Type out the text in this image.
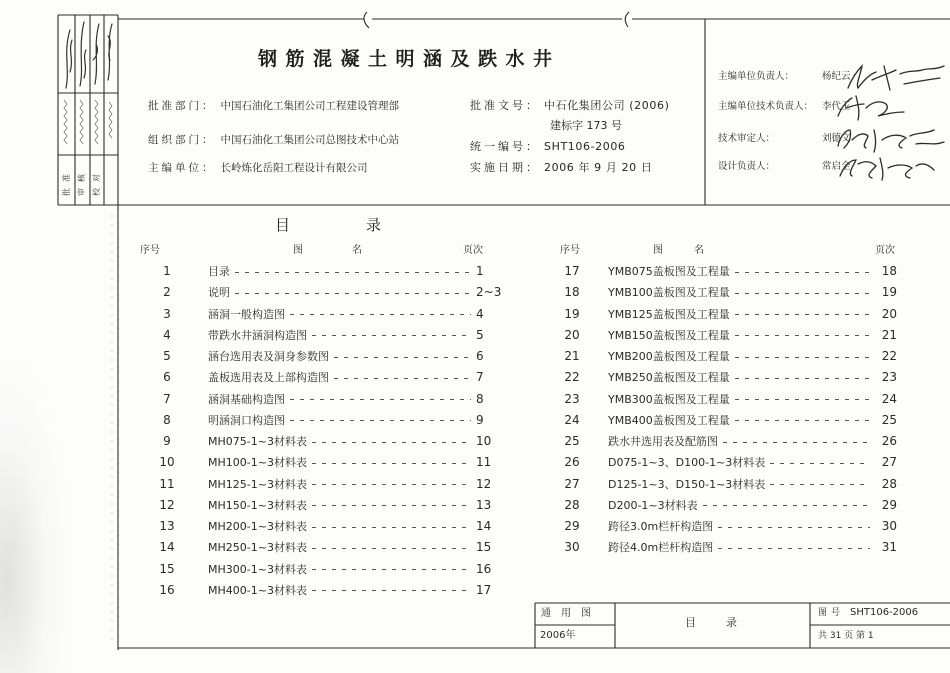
批准 审核 校对
钢筋混凝土明涵及跌水井
批准部门： 中国石油化工集团公司工程建设管理部
组织部门： 中国石油化工集团公司总图技术中心站
主编单位： 长岭炼化岳阳工程设计有限公司
批准文号： 中石化集团公司 (2006)
建标字 173 号
统一编号： SHT106-2006
实施日期： 2006 年 9 月 20 日
主编单位负责人：	杨纪云
主编单位技术负责人： 李代玉
技术审定人：	刘德文
设计负责人：	常启全
目录
序号	图	名	页次	序号	图	名	页次
1	目录	1
2	说明	2~3
3	涵洞一般构造图	4
4	带跌水井涵洞构造图	5
5	涵台选用表及洞身参数图	6
6	盖板选用表及上部构造图	7
7	涵洞基础构造图	8
8	明涵洞口构造图	9
9	MH075-1~3材料表	10
10	MH100-1~3材料表	11
11	MH125-1~3材料表	12
12	MH150-1~3材料表	13
13	MH200-1~3材料表	14
14	MH250-1~3材料表	15
15	MH300-1~3材料表	16
16	MH400-1~3材料表	17
17	YMB075盖板图及工程量	18
18	YMB100盖板图及工程量	19
19	YMB125盖板图及工程量	20
20	YMB150盖板图及工程量	21
21	YMB200盖板图及工程量	22
22	YMB250盖板图及工程量	23
23	YMB300盖板图及工程量	24
24	YMB400盖板图及工程量	25
25	跌水井选用表及配筋图	26
26	D075-1~3、D100-1~3材料表	27
27	D125-1~3、D150-1~3材料表	28
28	D200-1~3材料表	29
29	跨径3.0m栏杆构造图	30
30	跨径4.0m栏杆构造图	31
通用图
2006年
目录
图号 SHT106-2006
共 31 页 第 1
